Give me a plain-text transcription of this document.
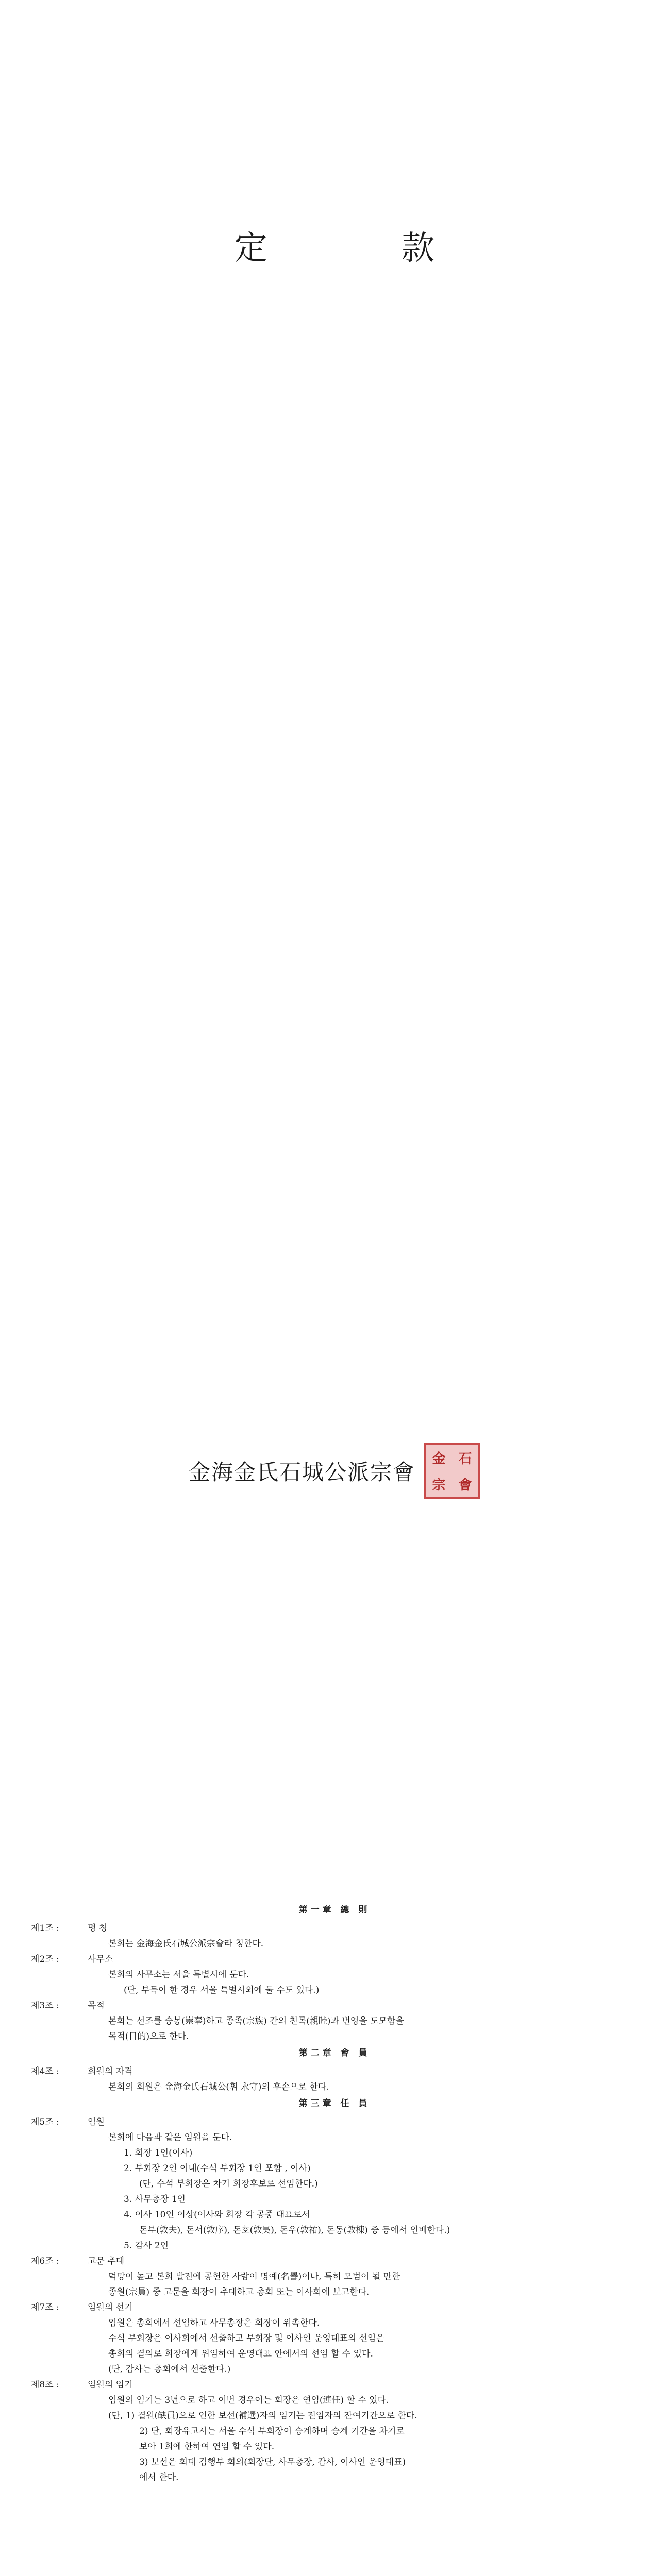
定 款
金海金氏石城公派宗會
金 石
宗 會
第一章 總 則
제1조 :	명 칭
본회는 金海金氏石城公派宗會라 칭한다.
제2조 :	사무소
본회의 사무소는 서울 특별시에 둔다.
(단, 부득이 한 경우 서울 특별시외에 둘 수도 있다.)
제3조 :	목적
본회는 선조를 숭봉(崇奉)하고 종족(宗族) 간의 친목(親睦)과 번영을 도모함을
목적(目的)으로 한다.
第二章 會 員
제4조 :	회원의 자격
본회의 회원은 金海金氏石城公(휘 永守)의 후손으로 한다.
第三章 任 員
제5조 :	임원
본회에 다음과 같은 임원을 둔다.
1. 회장 1인(이사)
2. 부회장 2인 이내(수석 부회장 1인 포함 , 이사)
(단, 수석 부회장은 차기 회장후보로 선임한다.)
3. 사무총장 1인
4. 이사 10인 이상(이사와 회장 각 공중 대표로서
돈부(敦夫), 돈서(敦序), 돈호(敦昊), 돈우(敦祐), 돈동(敦棟) 중 등에서 인배한다.)
5. 감사 2인
제6조 :	고문 추대
덕망이 높고 본회 발전에 공헌한 사람이 명예(名譽)이나, 특히 모범이 될 만한
종원(宗員) 중 고문을 회장이 추대하고 총회 또는 이사회에 보고한다.
제7조 :	임원의 선기
임원은 총회에서 선임하고 사무총장은 회장이 위촉한다.
수석 부회장은 이사회에서 선출하고 부회장 및 이사인 운영대표의 선임은
총회의 결의로 회장에게 위임하여 운영대표 안에서의 선임 할 수 있다.
(단, 감사는 총회에서 선출한다.)
제8조 :	임원의 임기
임원의 임기는 3년으로 하고 이번 경우이는 회장은 연임(連任) 할 수 있다.
(단, 1) 결원(缺員)으로 인한 보선(補選)자의 임기는 전임자의 잔여기간으로 한다.
2) 단, 회장유고시는 서울 수석 부회장이 승계하며 승계 기간을 차기로
보아 1회에 한하여 연임 할 수 있다.
3) 보선은 회대 김행부 회의(회장단, 사무총장, 감사, 이사인 운영대표)
에서 한다.
